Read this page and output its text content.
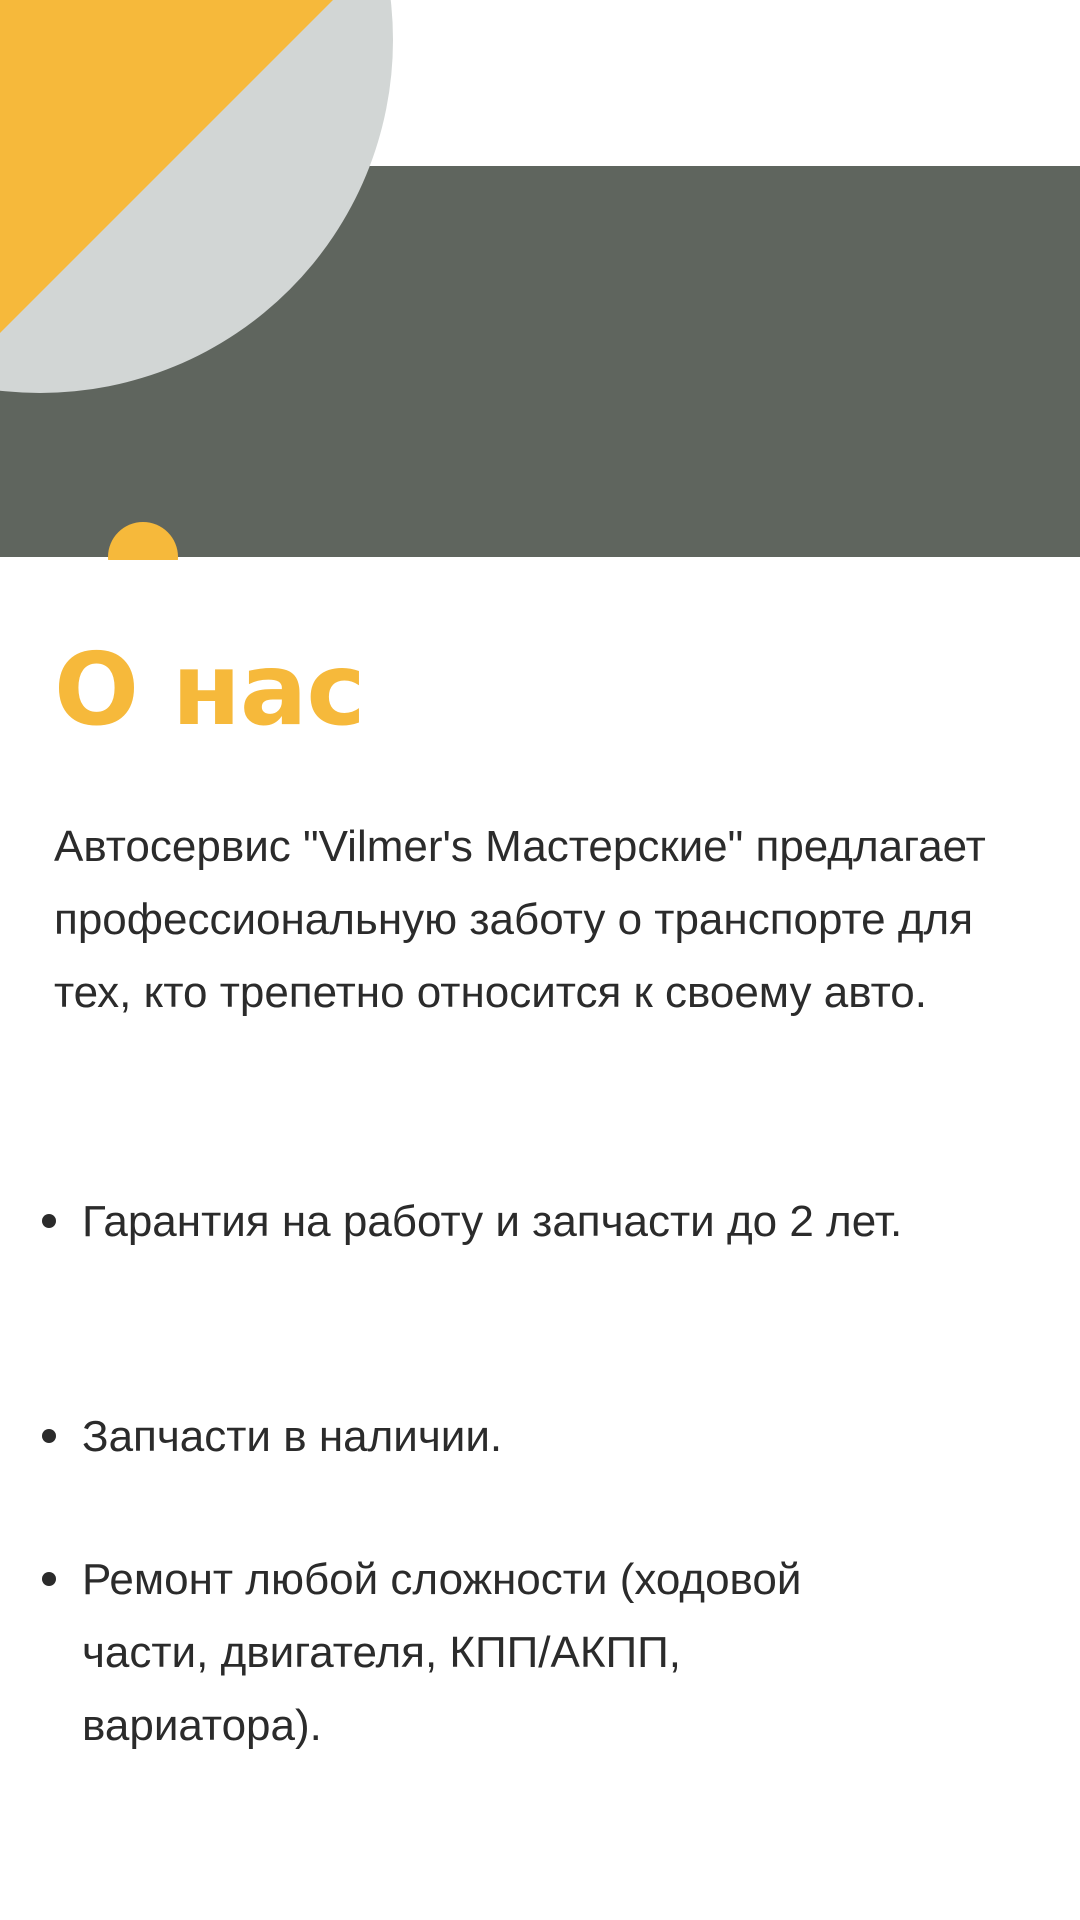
О нас

Автосервис "Vilmer's Мастерские" предлагает профессиональную заботу о транспорте для тех, кто трепетно относится к своему авто.

Гарантия на работу и запчасти до 2 лет.
Запчасти в наличии.
Ремонт любой сложности (ходовой части, двигателя, КПП/АКПП, вариатора).
